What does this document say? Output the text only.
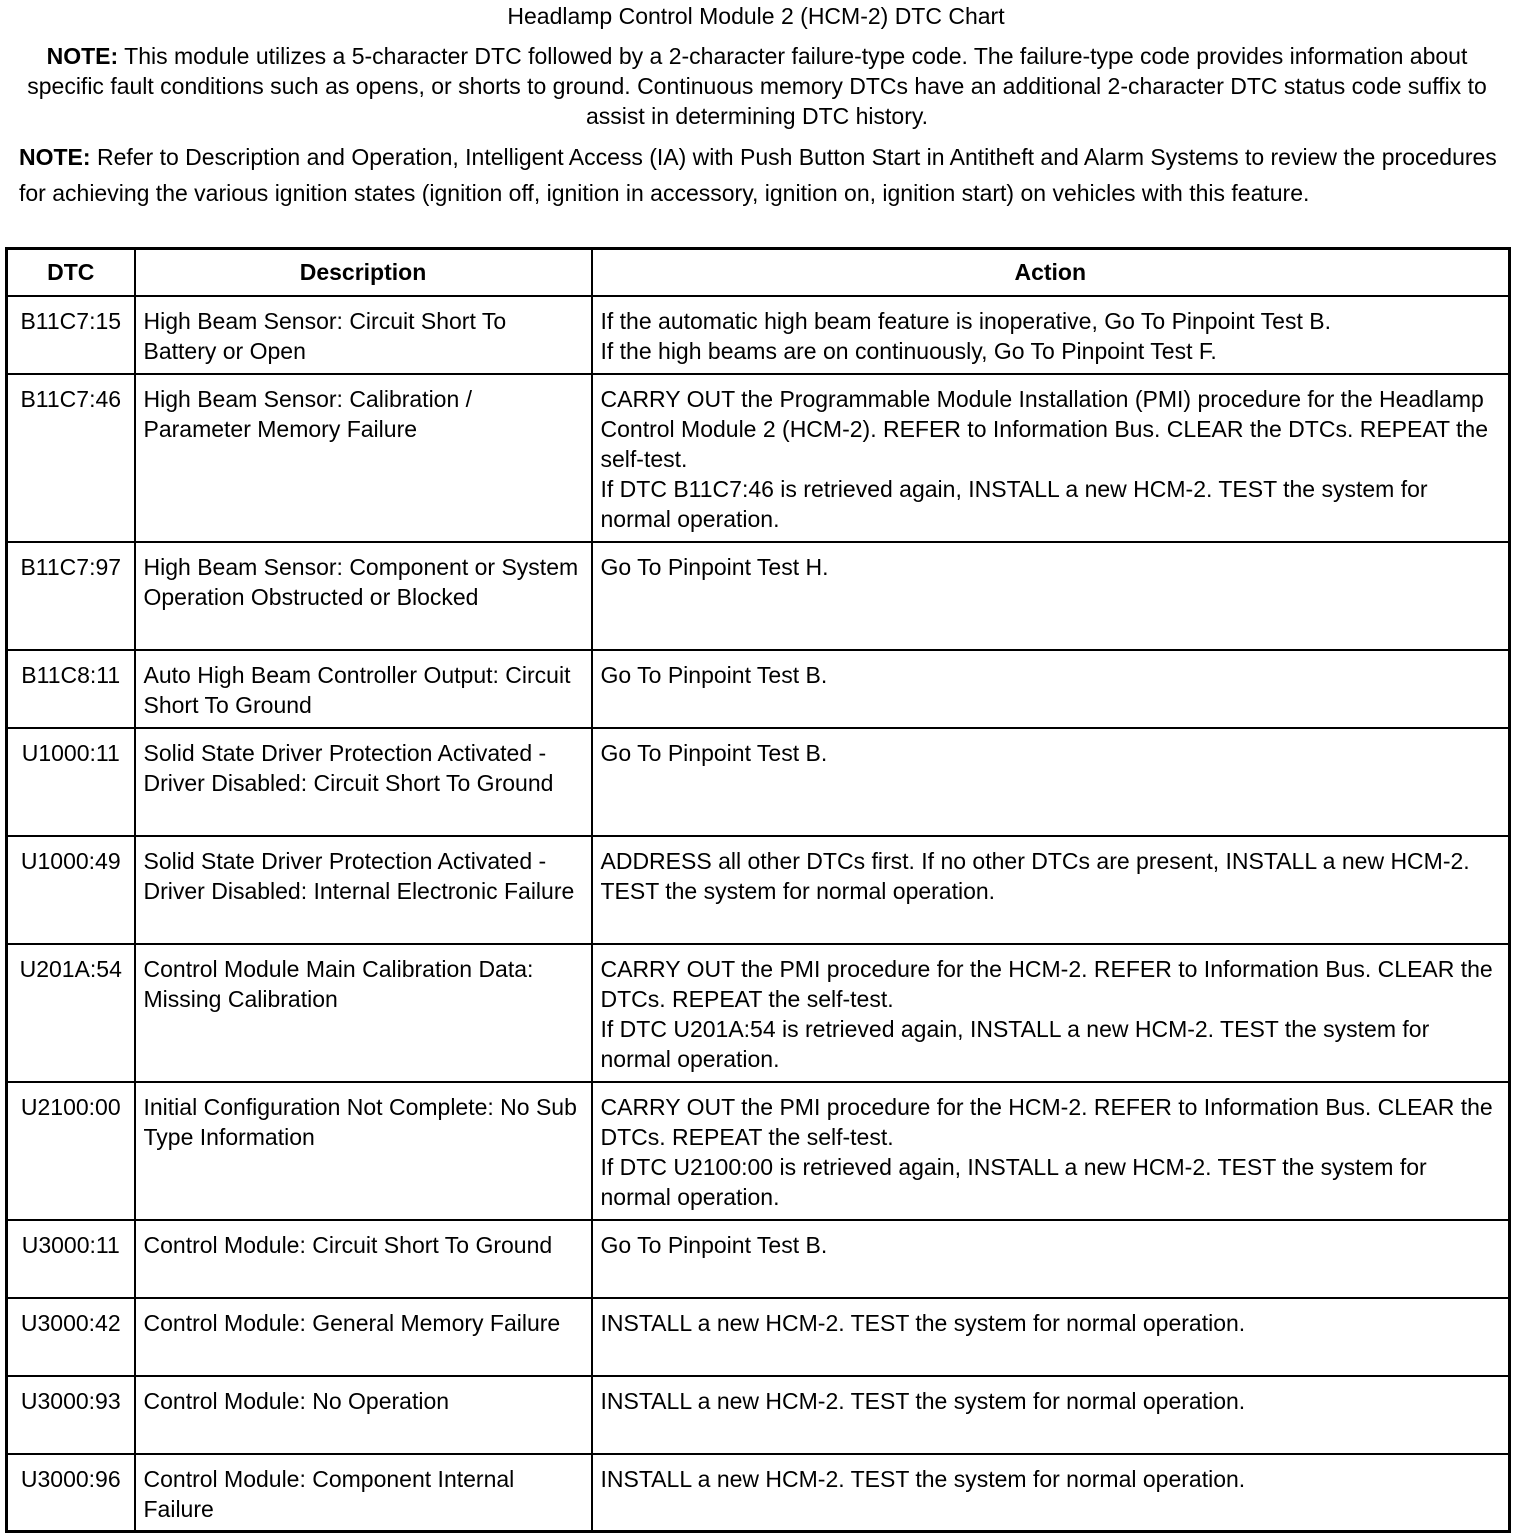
Headlamp Control Module 2 (HCM-2) DTC Chart
NOTE: This module utilizes a 5-character DTC followed by a 2-character failure-type code. The failure-type code provides information about specific fault conditions such as opens, or shorts to ground. Continuous memory DTCs have an additional 2-character DTC status code suffix to assist in determining DTC history.
NOTE: Refer to Description and Operation, Intelligent Access (IA) with Push Button Start in Antitheft and Alarm Systems to review the procedures for achieving the various ignition states (ignition off, ignition in accessory, ignition on, ignition start) on vehicles with this feature.
DTC	Description	Action
B11C7:15	High Beam Sensor: Circuit Short To Battery or Open	If the automatic high beam feature is inoperative, Go To Pinpoint Test B.
If the high beams are on continuously, Go To Pinpoint Test F.

B11C7:46	High Beam Sensor: Calibration / Parameter Memory Failure	CARRY OUT the Programmable Module Installation (PMI) procedure for the Headlamp Control Module 2 (HCM-2). REFER to Information Bus. CLEAR the DTCs. REPEAT the self-test.
If DTC B11C7:46 is retrieved again, INSTALL a new HCM-2. TEST the system for normal operation.

B11C7:97	High Beam Sensor: Component or System Operation Obstructed or Blocked	Go To Pinpoint Test H.

B11C8:11	Auto High Beam Controller Output: Circuit Short To Ground	Go To Pinpoint Test B.

U1000:11	Solid State Driver Protection Activated - Driver Disabled: Circuit Short To Ground	Go To Pinpoint Test B.

U1000:49	Solid State Driver Protection Activated - Driver Disabled: Internal Electronic Failure	ADDRESS all other DTCs first. If no other DTCs are present, INSTALL a new HCM-2. TEST the system for normal operation.

U201A:54	Control Module Main Calibration Data: Missing Calibration	CARRY OUT the PMI procedure for the HCM-2. REFER to Information Bus. CLEAR the DTCs. REPEAT the self-test.
If DTC U201A:54 is retrieved again, INSTALL a new HCM-2. TEST the system for normal operation.

U2100:00	Initial Configuration Not Complete: No Sub Type Information	CARRY OUT the PMI procedure for the HCM-2. REFER to Information Bus. CLEAR the DTCs. REPEAT the self-test.
If DTC U2100:00 is retrieved again, INSTALL a new HCM-2. TEST the system for normal operation.

U3000:11	Control Module: Circuit Short To Ground	Go To Pinpoint Test B.

U3000:42	Control Module: General Memory Failure	INSTALL a new HCM-2. TEST the system for normal operation.

U3000:93	Control Module: No Operation	INSTALL a new HCM-2. TEST the system for normal operation.

U3000:96	Control Module: Component Internal Failure	INSTALL a new HCM-2. TEST the system for normal operation.
